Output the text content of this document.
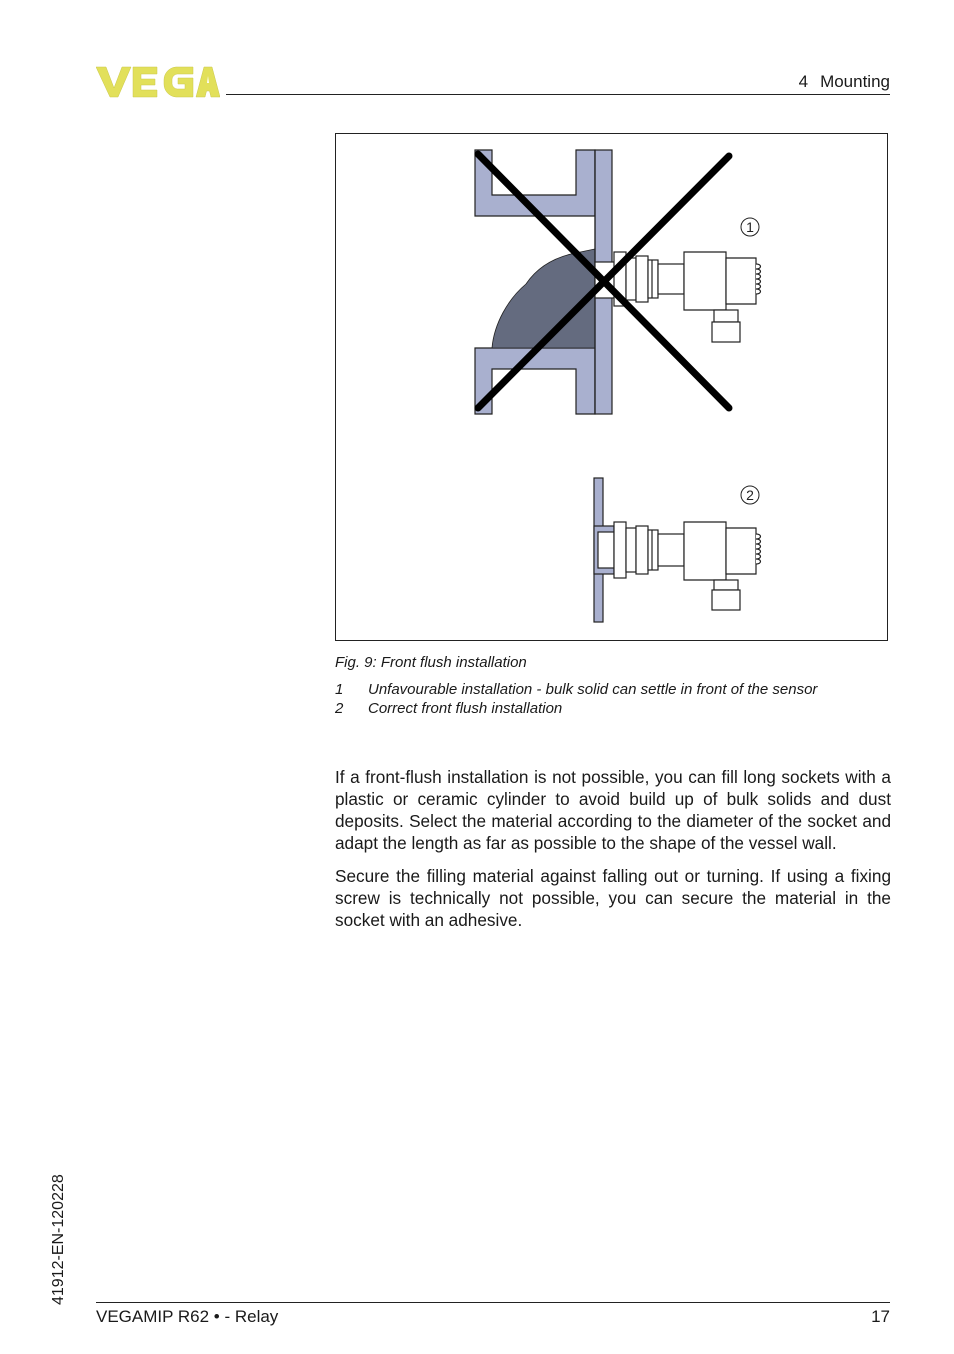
4 Mounting
1
2
Fig. 9: Front flush installation
1	Unfavourable installation - bulk solid can settle in front of the sensor
2	Correct front flush installation

If a front-flush installation is not possible, you can fill long sockets with a plastic or ceramic cylinder to avoid build up of bulk solids and dust deposits. Select the material according to the diameter of the socket and adapt the length as far as possible to the shape of the vessel wall.

Secure the filling material against falling out or turning. If using a fixing screw is technically not possible, you can secure the material in the socket with an adhesive.

41912-EN-120228
VEGAMIP R62 • - Relay	17
